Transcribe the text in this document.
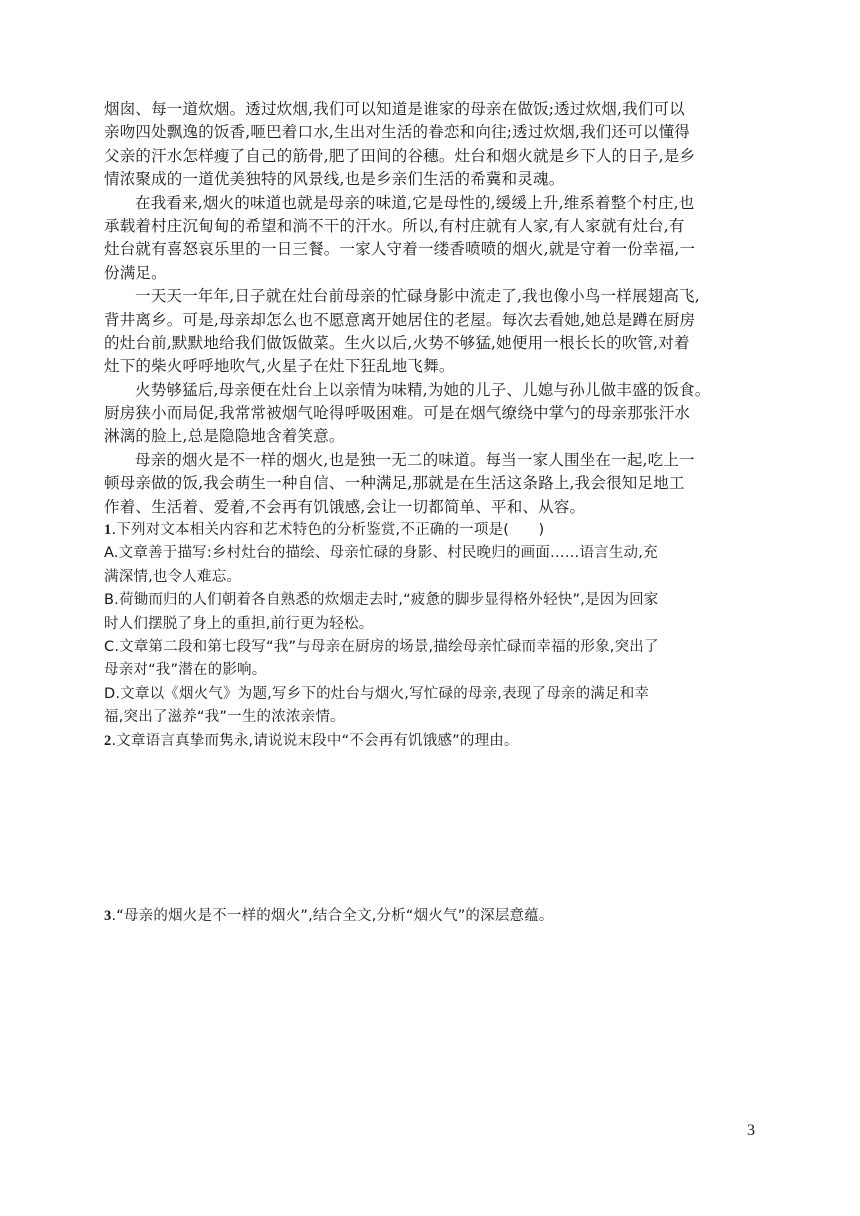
烟囱、每一道炊烟。透过炊烟,我们可以知道是谁家的母亲在做饭;透过炊烟,我们可以
亲吻四处飘逸的饭香,咂巴着口水,生出对生活的眷恋和向往;透过炊烟,我们还可以懂得
父亲的汗水怎样瘦了自己的筋骨,肥了田间的谷穗。灶台和烟火就是乡下人的日子,是乡
情浓聚成的一道优美独特的风景线,也是乡亲们生活的希冀和灵魂。
在我看来,烟火的味道也就是母亲的味道,它是母性的,缓缓上升,维系着整个村庄,也
承载着村庄沉甸甸的希望和淌不干的汗水。所以,有村庄就有人家,有人家就有灶台,有
灶台就有喜怒哀乐里的一日三餐。一家人守着一缕香喷喷的烟火,就是守着一份幸福,一
份满足。
一天天一年年,日子就在灶台前母亲的忙碌身影中流走了,我也像小鸟一样展翅高飞,
背井离乡。可是,母亲却怎么也不愿意离开她居住的老屋。每次去看她,她总是蹲在厨房
的灶台前,默默地给我们做饭做菜。生火以后,火势不够猛,她便用一根长长的吹管,对着
灶下的柴火呼呼地吹气,火星子在灶下狂乱地飞舞。
火势够猛后,母亲便在灶台上以亲情为味精,为她的儿子、儿媳与孙儿做丰盛的饭食。
厨房狭小而局促,我常常被烟气呛得呼吸困难。可是在烟气缭绕中掌勺的母亲那张汗水
淋漓的脸上,总是隐隐地含着笑意。
母亲的烟火是不一样的烟火,也是独一无二的味道。每当一家人围坐在一起,吃上一
顿母亲做的饭,我会萌生一种自信、一种满足,那就是在生活这条路上,我会很知足地工
作着、生活着、爱着,不会再有饥饿感,会让一切都简单、平和、从容。
1.下列对文本相关内容和艺术特色的分析鉴赏,不正确的一项是(　　)
A.文章善于描写:乡村灶台的描绘、母亲忙碌的身影、村民晚归的画面……语言生动,充
满深情,也令人难忘。
B.荷锄而归的人们朝着各自熟悉的炊烟走去时,“疲惫的脚步显得格外轻快”,是因为回家
时人们摆脱了身上的重担,前行更为轻松。
C.文章第二段和第七段写“我”与母亲在厨房的场景,描绘母亲忙碌而幸福的形象,突出了
母亲对“我”潜在的影响。
D.文章以《烟火气》为题,写乡下的灶台与烟火,写忙碌的母亲,表现了母亲的满足和幸
福,突出了滋养“我”一生的浓浓亲情。
2.文章语言真挚而隽永,请说说末段中“不会再有饥饿感”的理由。
3.“母亲的烟火是不一样的烟火”,结合全文,分析“烟火气”的深层意蕴。
3
